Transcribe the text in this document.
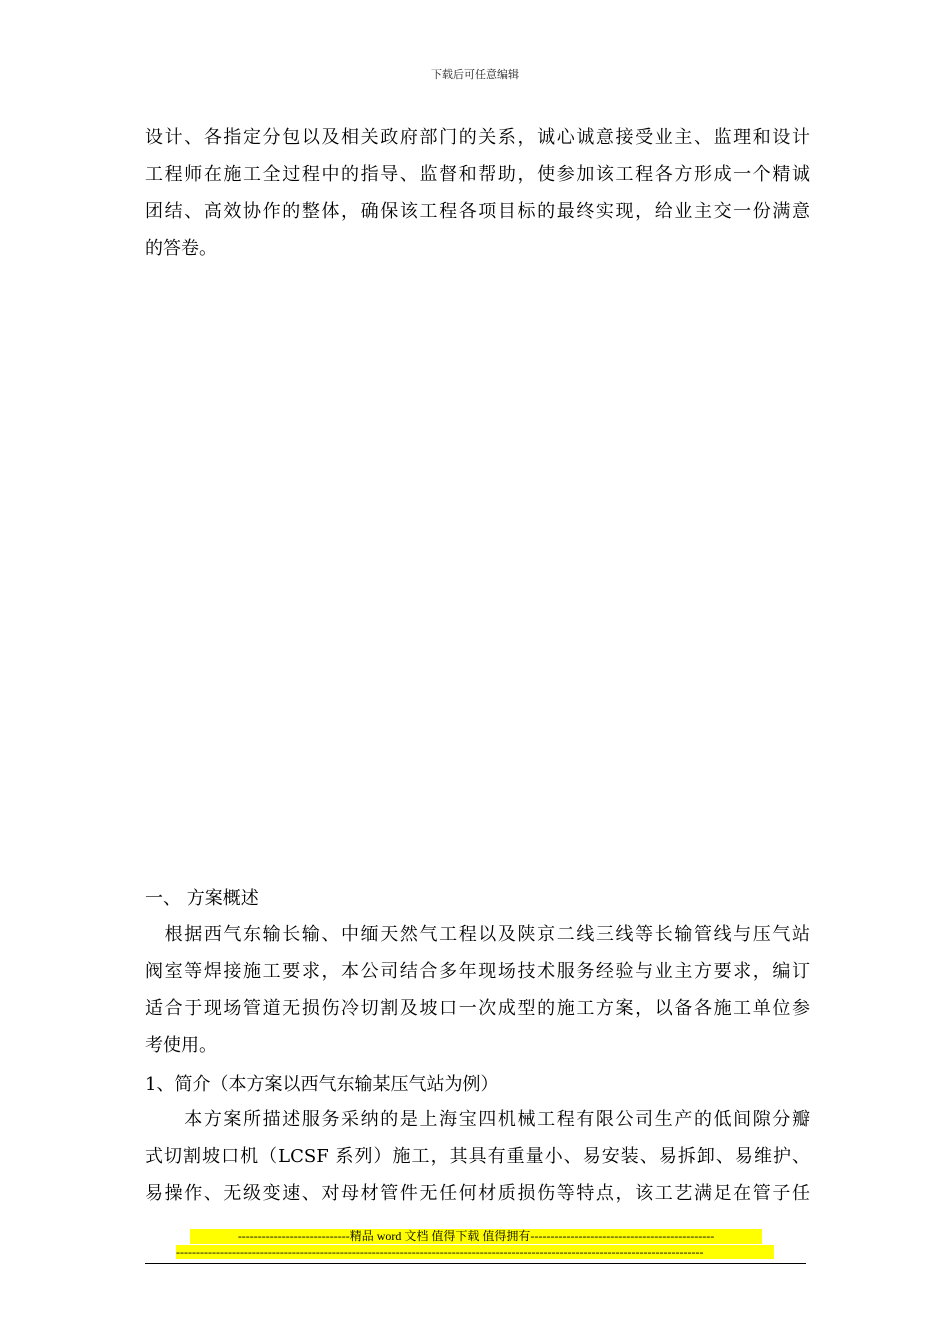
下载后可任意编辑
设计、各指定分包以及相关政府部门的关系，诚心诚意接受业主、监理和设计
工程师在施工全过程中的指导、监督和帮助，使参加该工程各方形成一个精诚
团结、高效协作的整体，确保该工程各项目标的最终实现，给业主交一份满意
的答卷。
一、 方案概述
　根据西气东输长输、中缅天然气工程以及陕京二线三线等长输管线与压气站
阀室等焊接施工要求，本公司结合多年现场技术服务经验与业主方要求，编订
适合于现场管道无损伤冷切割及坡口一次成型的施工方案，以备各施工单位参
考使用。
1、简介（本方案以西气东输某压气站为例）
　　本方案所描述服务采纳的是上海宝四机械工程有限公司生产的低间隙分瓣
式切割坡口机（LCSF 系列）施工，其具有重量小、易安装、易拆卸、易维护、
易操作、无级变速、对母材管件无任何材质损伤等特点，该工艺满足在管子任
----------------------------精品 word 文档 值得下载 值得拥有----------------------------------------------
------------------------------------------------------------------------------------------------------------------------------------
